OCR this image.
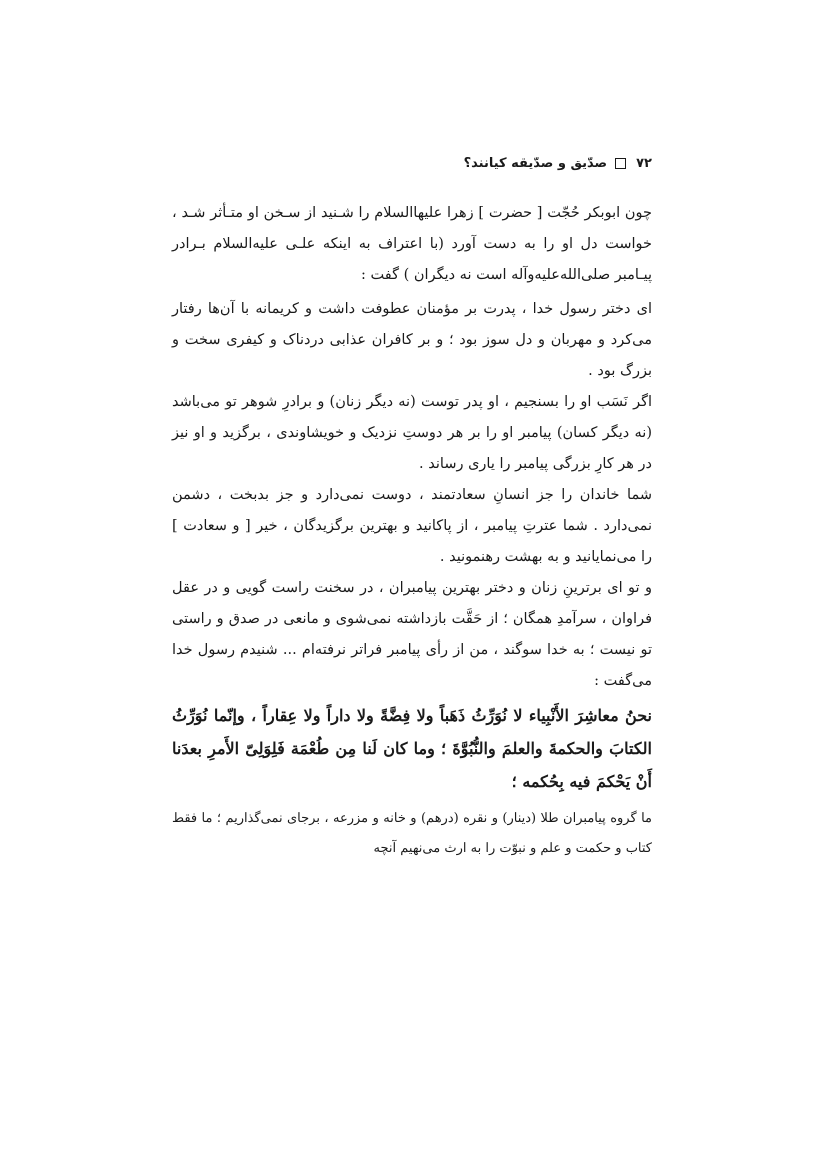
۷۲
صدّیق و صدّیقه کیانند؟

چون ابوبکر حُجّت [ حضرت ] زهرا علیهاالسلام را شـنید از سـخن او متـأثر شـد ، خواست دل او را به دست آورد (با اعتراف به اینکه علـی علیه‌السلام بـرادر پیـامبر صلی‌الله‌علیه‌وآله است نه دیگران ) گفت :

ای دختر رسول خدا ، پدرت بر مؤمنان عطوفت داشت و کریمانه با آن‌ها رفتار می‌کرد و مهربان و دل سوز بود ؛ و بر کافران عذابی دردناک و کیفری سخت و بزرگ بود .

اگر نَسَب او را بسنجیم ، او پدر توست (نه دیگر زنان) و برادرِ شوهر تو می‌باشد (نه دیگر کسان) پیامبر او را بر هر دوستِ نزدیک و خویشاوندی ، برگزید و او نیز در هر کارِ بزرگی پیامبر را یاری رساند .

شما خاندان را جز انسانِ سعادتمند ، دوست نمی‌دارد و جز بدبخت ، دشمن نمی‌دارد . شما عترتِ پیامبر ، از پاکانید و بهترین برگزیدگان ، خیر [ و سعادت ] را می‌نمایانید و به بهشت رهنمونید .

و تو ای برترینِ زنان و دختر بهترین پیامبران ، در سخنت راست گویی و در عقل فراوان ، سرآمدِ همگان ؛ از حَقَّت بازداشته نمی‌شوی و مانعی در صدق و راستی تو نیست ؛ به خدا سوگند ، من از رأی پیامبر فراتر نرفته‌ام ... شنیدم رسول خدا می‌گفت :

نحنُ معاشِرَ الأَنْبِیاء لا نُوَرِّثُ ذَهَباً ولا فِضَّةً ولا داراً ولا عِقاراً ، وإنّما نُوَرِّثُ الکتابَ والحکمةَ والعلمَ والنُّبُوَّةَ ؛ وما کان لَنا مِن طُعْمَة فَلِوَلِیّ الأَمرِ بعدَنا أَنْ یَحْکمَ فیه بِحُکمه ؛

ما گروه پیامبران طلا (دینار) و نقره (درهم) و خانه و مزرعه ، برجای نمی‌گذاریم ؛ ما فقط کتاب و حکمت و علم و نبوّت را به ارث می‌نهیم آنچه
